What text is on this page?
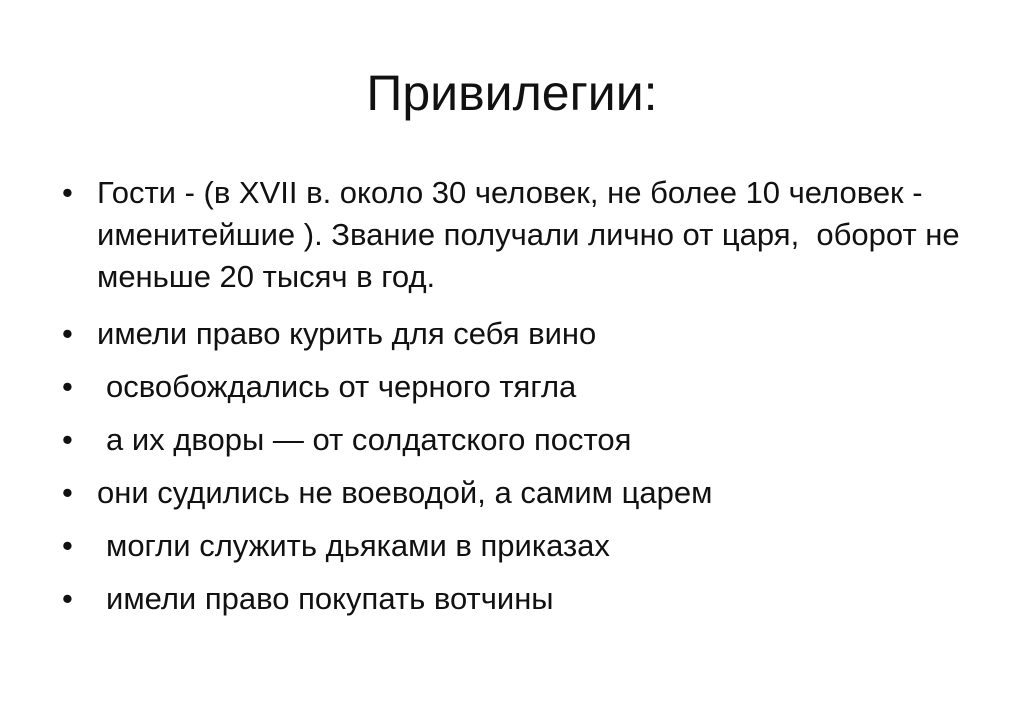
Привилегии:
• Гости - (в XVII в. около 30 человек, не более 10 человек -  именитейшие ). Звание получали лично от царя,  оборот не меньше 20 тысяч в год.
• имели право курить для себя вино
• освобождались от черного тягла
• а их дворы — от солдатского постоя
• они судились не воеводой, а самим царем
• могли служить дьяками в приказах
• имели право покупать вотчины
